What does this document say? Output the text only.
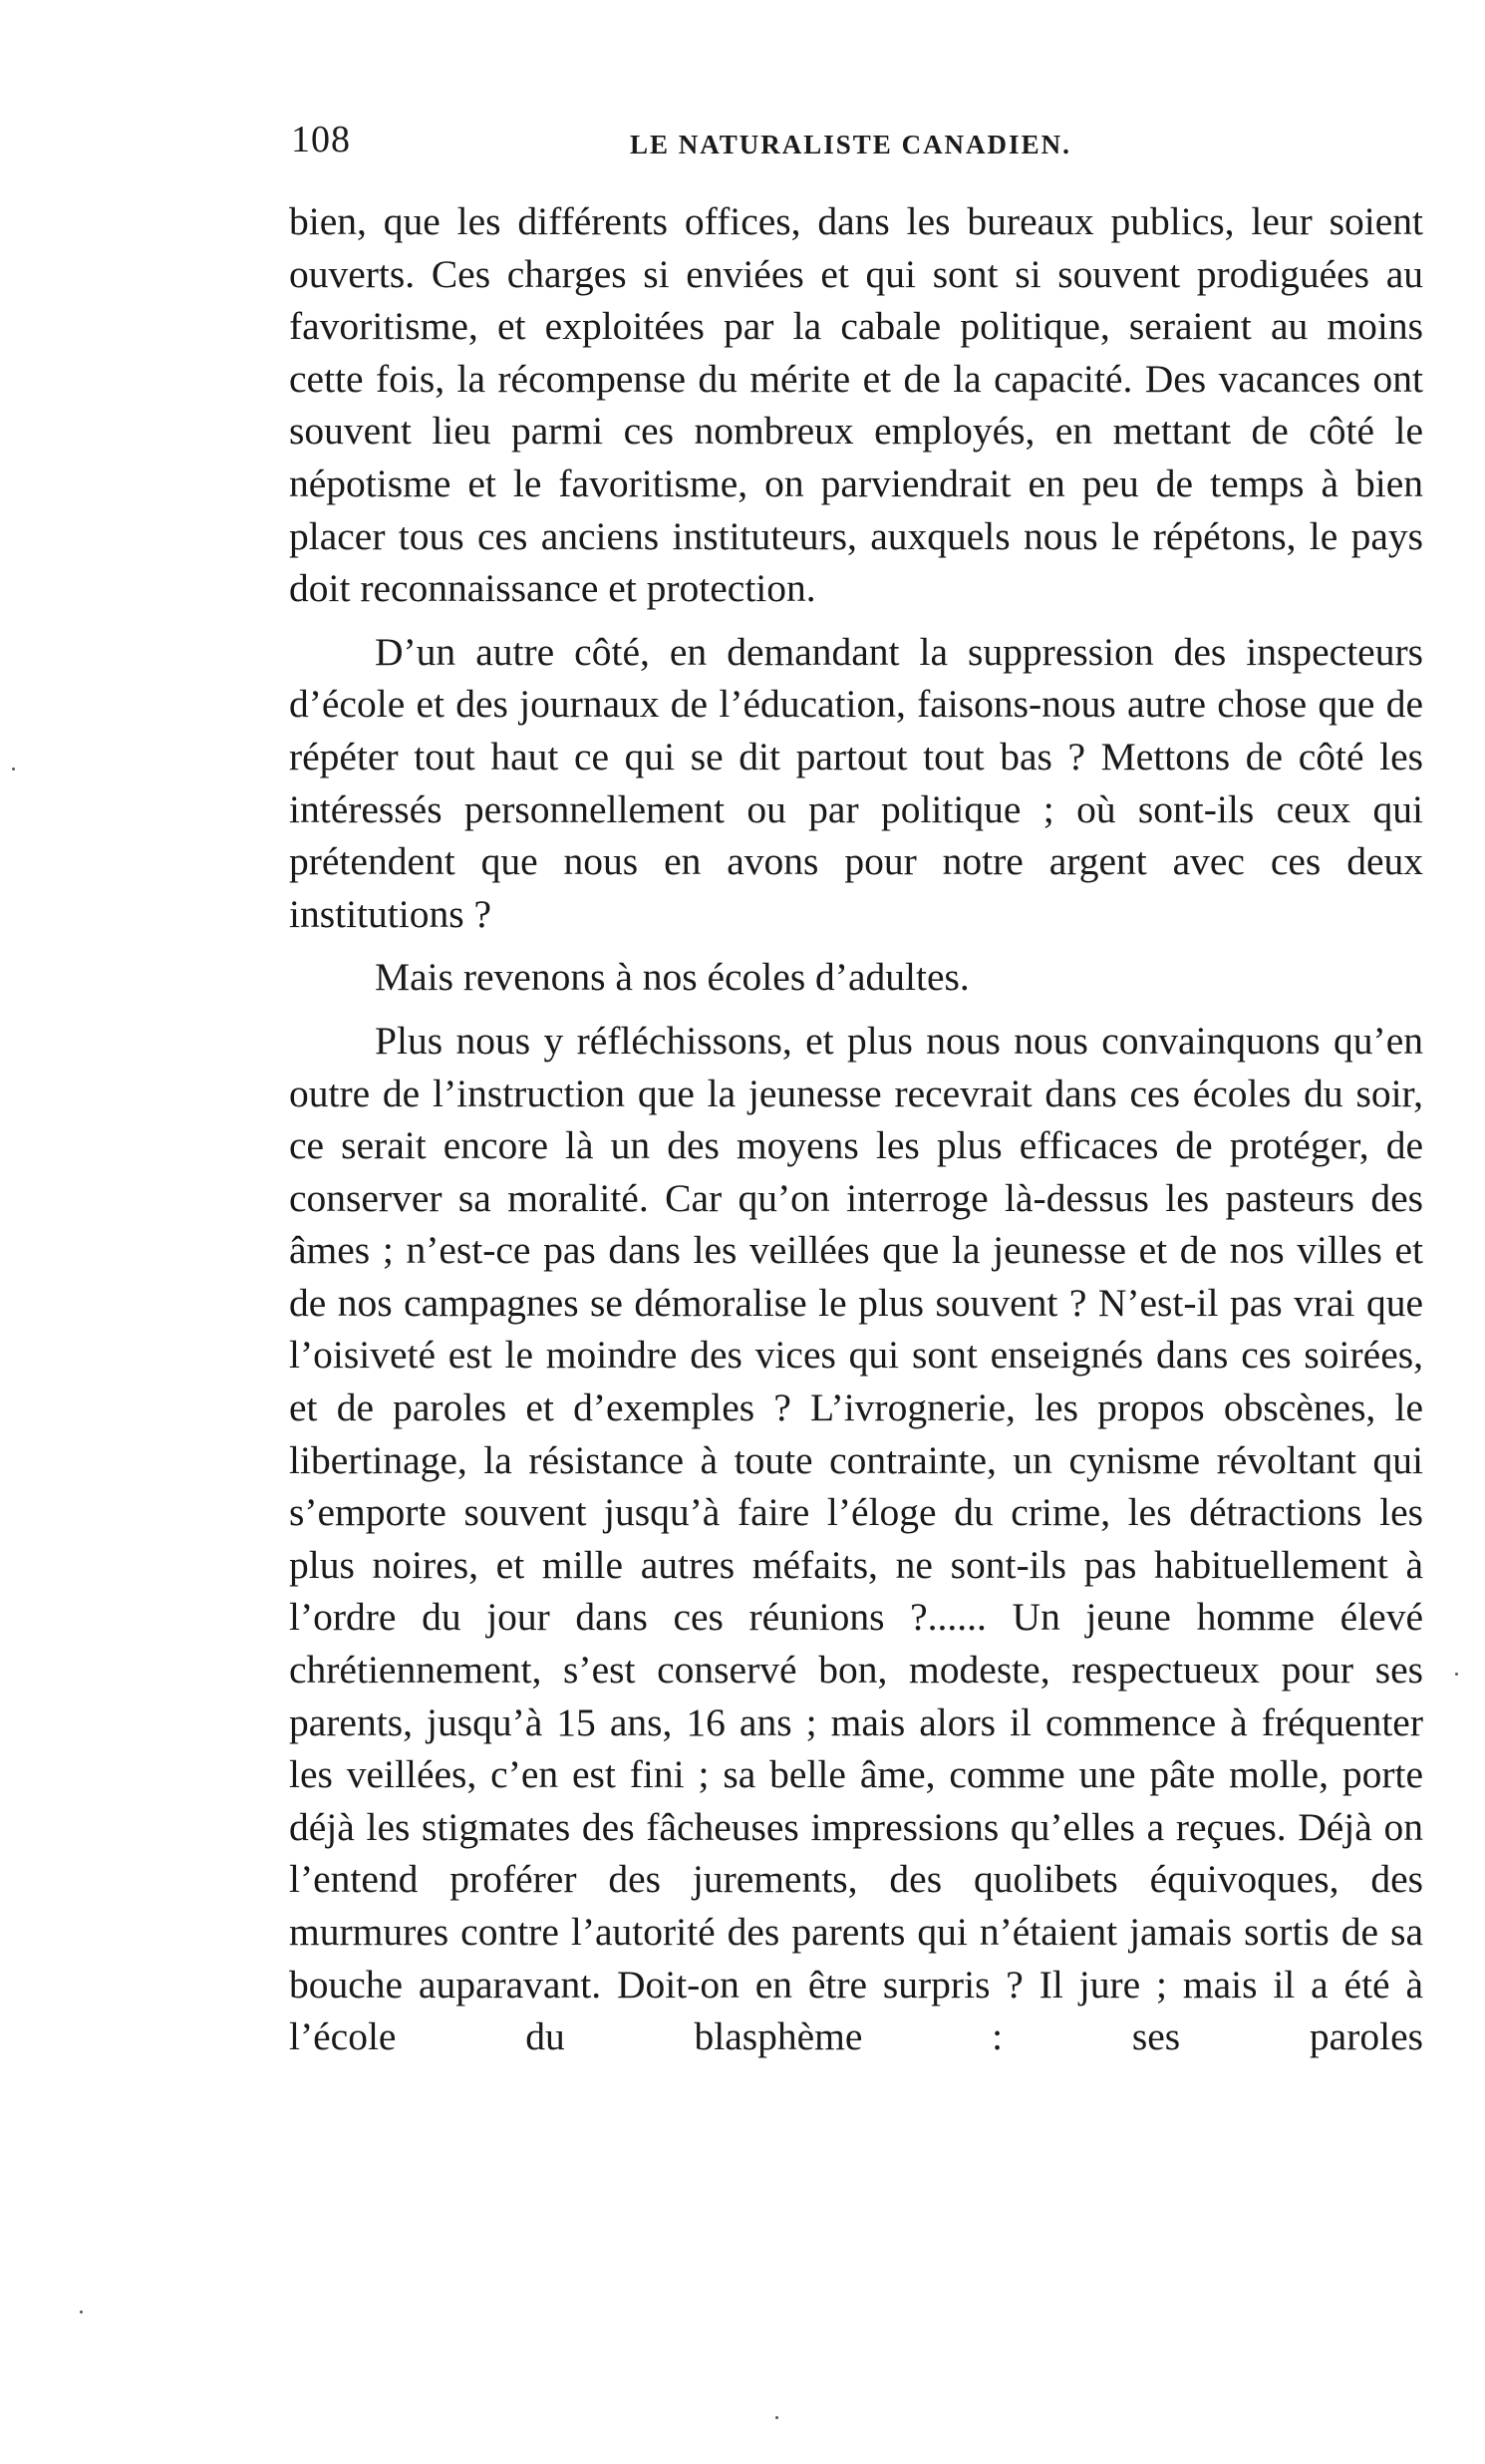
108	LE NATURALISTE CANADIEN.

bien, que les différents offices, dans les bureaux publics, leur soient ouverts. Ces charges si enviées et qui sont si souvent prodiguées au favoritisme, et exploitées par la cabale politique, seraient au moins cette fois, la récompense du mérite et de la capacité. Des vacances ont souvent lieu parmi ces nombreux employés, en mettant de côté le népotisme et le favoritisme, on parviendrait en peu de temps à bien placer tous ces anciens instituteurs, auxquels nous le répétons, le pays doit reconnaissance et protection.

D’un autre côté, en demandant la suppression des inspecteurs d’école et des journaux de l’éducation, faisons-nous autre chose que de répéter tout haut ce qui se dit partout tout bas ? Mettons de côté les intéressés personnellement ou par politique ; où sont-ils ceux qui prétendent que nous en avons pour notre argent avec ces deux institutions ?

Mais revenons à nos écoles d’adultes.

Plus nous y réfléchissons, et plus nous nous convainquons qu’en outre de l’instruction que la jeunesse recevrait dans ces écoles du soir, ce serait encore là un des moyens les plus efficaces de protéger, de conserver sa moralité. Car qu’on interroge là-dessus les pasteurs des âmes ; n’est-ce pas dans les veillées que la jeunesse et de nos villes et de nos campagnes se démoralise le plus souvent ? N’est-il pas vrai que l’oisiveté est le moindre des vices qui sont enseignés dans ces soirées, et de paroles et d’exemples ? L’ivrognerie, les propos obscènes, le libertinage, la résistance à toute contrainte, un cynisme révoltant qui s’emporte souvent jusqu’à faire l’éloge du crime, les détractions les plus noires, et mille autres méfaits, ne sont-ils pas habituellement à l’ordre du jour dans ces réunions ?...... Un jeune homme élevé chrétiennement, s’est conservé bon, modeste, respectueux pour ses parents, jusqu’à 15 ans, 16 ans ; mais alors il commence à fréquenter les veillées, c’en est fini ; sa belle âme, comme une pâte molle, porte déjà les stigmates des fâcheuses impressions qu’elles a reçues. Déjà on l’entend proférer des jurements, des quolibets équivoques, des murmures contre l’autorité des parents qui n’étaient jamais sortis de sa bouche auparavant. Doit-on en être surpris ? Il jure ; mais il a été à l’école du blasphème : ses paroles
